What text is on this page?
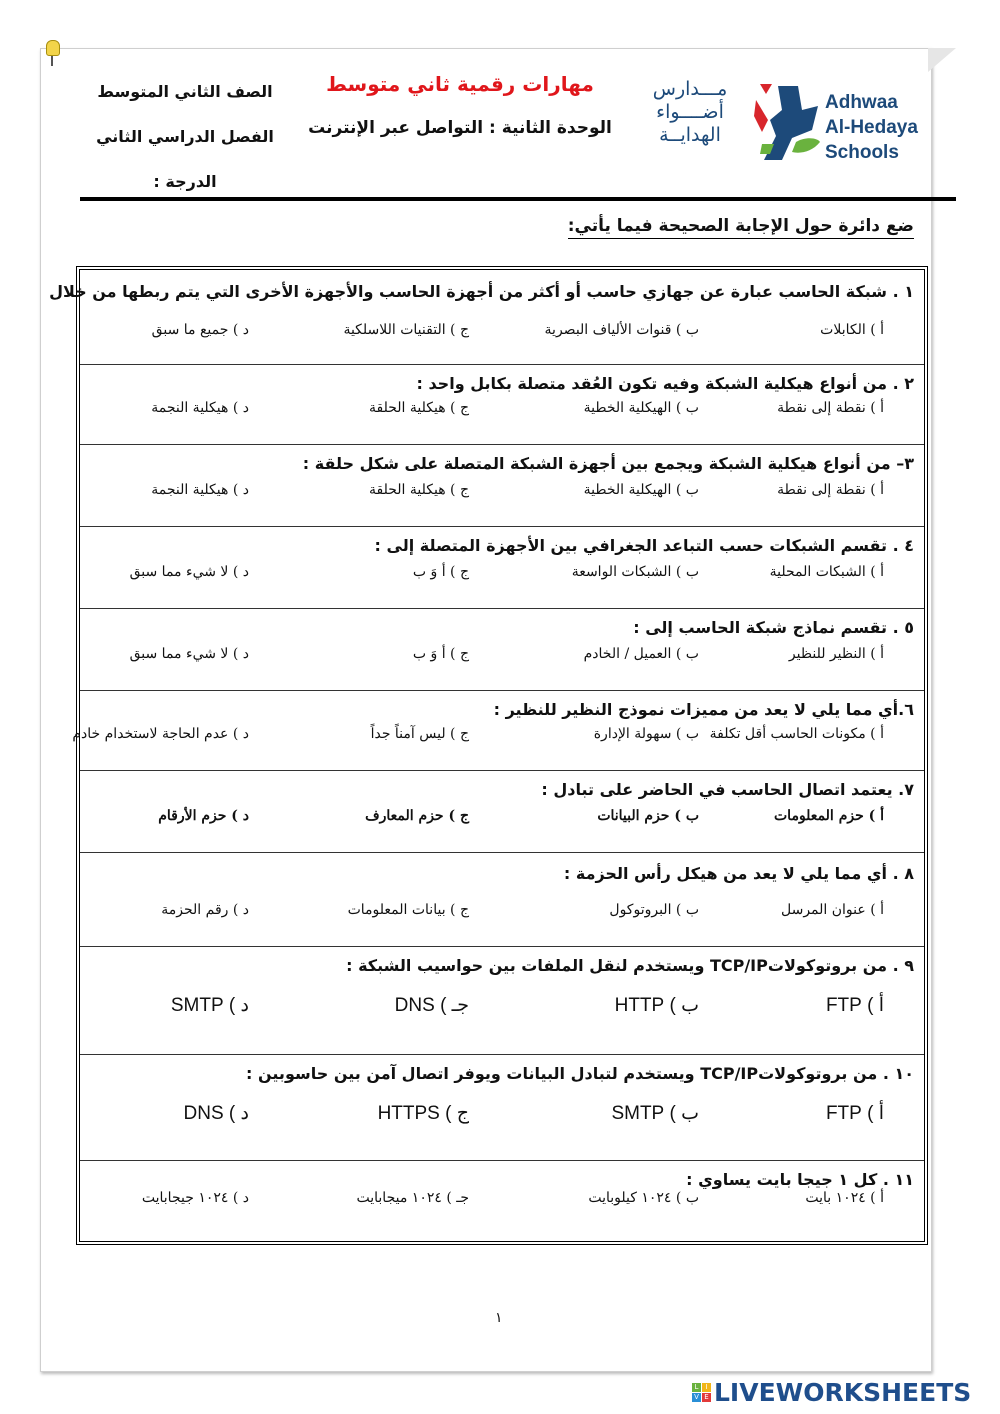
الصف الثاني المتوسط
الفصل الدراسي الثاني
الدرجة :
مهارات رقمية ثاني متوسط
الوحدة الثانية : التواصل عبر الإنترنت
مـــدارس
أضــــواء
الهدايــة
Adhwaa
Al-Hedaya
Schools
ضع دائرة حول الإجابة الصحيحة فيما يأتي:
١ . شبكة الحاسب عبارة عن جهازي حاسب أو أكثر من أجهزة الحاسب والأجهزة الأخرى التي يتم ربطها من خلال
أ ) الكابلات
ب ) قنوات الألياف البصرية
ج ) التقنيات اللاسلكية
د ) جميع ما سبق
٢ . من أنواع هيكلية الشبكة وفيه تكون العُقد متصلة بكابل واحد :
أ ) نقطة إلى نقطة
ب ) الهيكلية الخطية
ج ) هيكلية الحلقة
د ) هيكلية النجمة
٣– من أنواع هيكلية الشبكة ويجمع بين أجهزة الشبكة المتصلة على شكل حلقة :
أ ) نقطة إلى نقطة
ب ) الهيكلية الخطية
ج ) هيكلية الحلقة
د ) هيكلية النجمة
٤ . تقسم الشبكات حسب التباعد الجغرافي بين الأجهزة المتصلة إلى :
أ ) الشبكات المحلية
ب ) الشبكات الواسعة
ج ) أ وَ ب
د ) لا شيء مما سبق
٥ . تقسم نماذج شبكة الحاسب إلى :
أ ) النظير للنظير
ب ) العميل / الخادم
ج ) أ وَ ب
د ) لا شيء مما سبق
٦.أي مما يلي لا يعد من مميزات نموذج النظير للنظير :
أ ) مكونات الحاسب أقل تكلفة
ب ) سهولة الإدارة
ج ) ليس آمناً جداً
د ) عدم الحاجة لاستخدام خادم
٧. يعتمد اتصال الحاسب في الحاضر على تبادل :
أ ) حزم المعلومات
ب ) حزم البيانات
ج ) حزم المعارف
د ) حزم الأرقام
٨ . أي مما يلي لا يعد من هيكل رأس الحزمة :
أ ) عنوان المرسل
ب ) البروتوكول
ج ) بيانات المعلومات
د ) رقم الحزمة
٩ . من بروتوكولاتTCP/IP ويستخدم لنقل الملفات بين حواسيب الشبكة :
أ ) FTP
ب ) HTTP
جـ ) DNS
د ) SMTP
١٠ . من بروتوكولاتTCP/IP ويستخدم لتبادل البيانات ويوفر اتصال آمن بين حاسوبين :
أ ) FTP
ب ) SMTP
ج ) HTTPS
د ) DNS
١١ . كل ١ جيجا بايت يساوي :
أ ) ١٠٢٤ بايت
ب ) ١٠٢٤ كيلوبايت
جـ ) ١٠٢٤ ميجابايت
د ) ١٠٢٤ جيجابايت
١
L	I
V E LIVEWORKSHEETS
